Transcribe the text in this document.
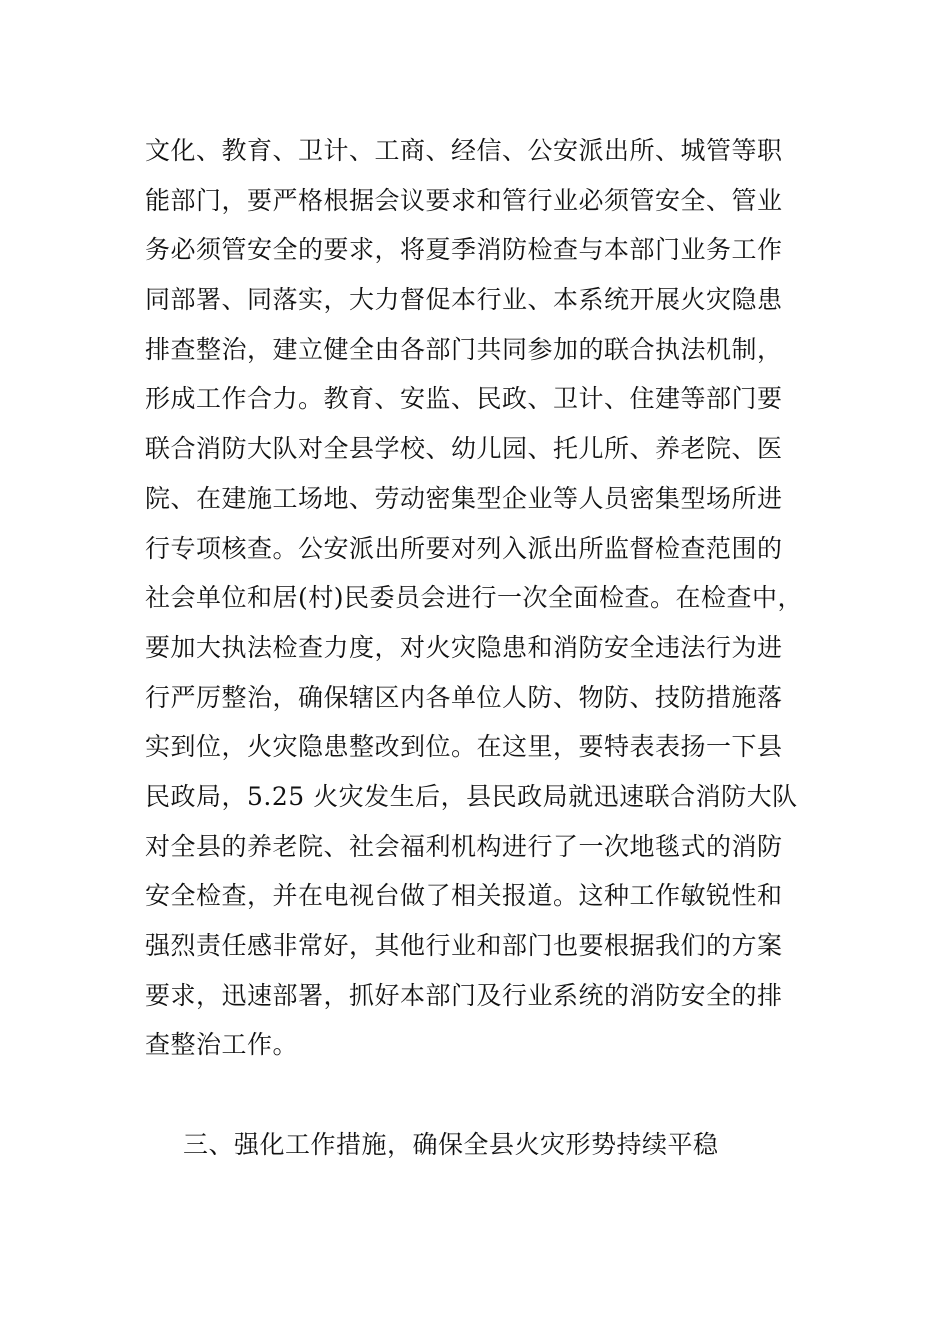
文化、教育、卫计、工商、经信、公安派出所、城管等职
能部门，要严格根据会议要求和管行业必须管安全、管业
务必须管安全的要求，将夏季消防检查与本部门业务工作
同部署、同落实，大力督促本行业、本系统开展火灾隐患
排查整治，建立健全由各部门共同参加的联合执法机制，
形成工作合力。教育、安监、民政、卫计、住建等部门要
联合消防大队对全县学校、幼儿园、托儿所、养老院、医
院、在建施工场地、劳动密集型企业等人员密集型场所进
行专项核查。公安派出所要对列入派出所监督检查范围的
社会单位和居(村)民委员会进行一次全面检查。在检查中，
要加大执法检查力度，对火灾隐患和消防安全违法行为进
行严厉整治，确保辖区内各单位人防、物防、技防措施落
实到位，火灾隐患整改到位。在这里，要特表表扬一下县
民政局，5.25 火灾发生后，县民政局就迅速联合消防大队
对全县的养老院、社会福利机构进行了一次地毯式的消防
安全检查，并在电视台做了相关报道。这种工作敏锐性和
强烈责任感非常好，其他行业和部门也要根据我们的方案
要求，迅速部署，抓好本部门及行业系统的消防安全的排
查整治工作。
三、强化工作措施，确保全县火灾形势持续平稳
